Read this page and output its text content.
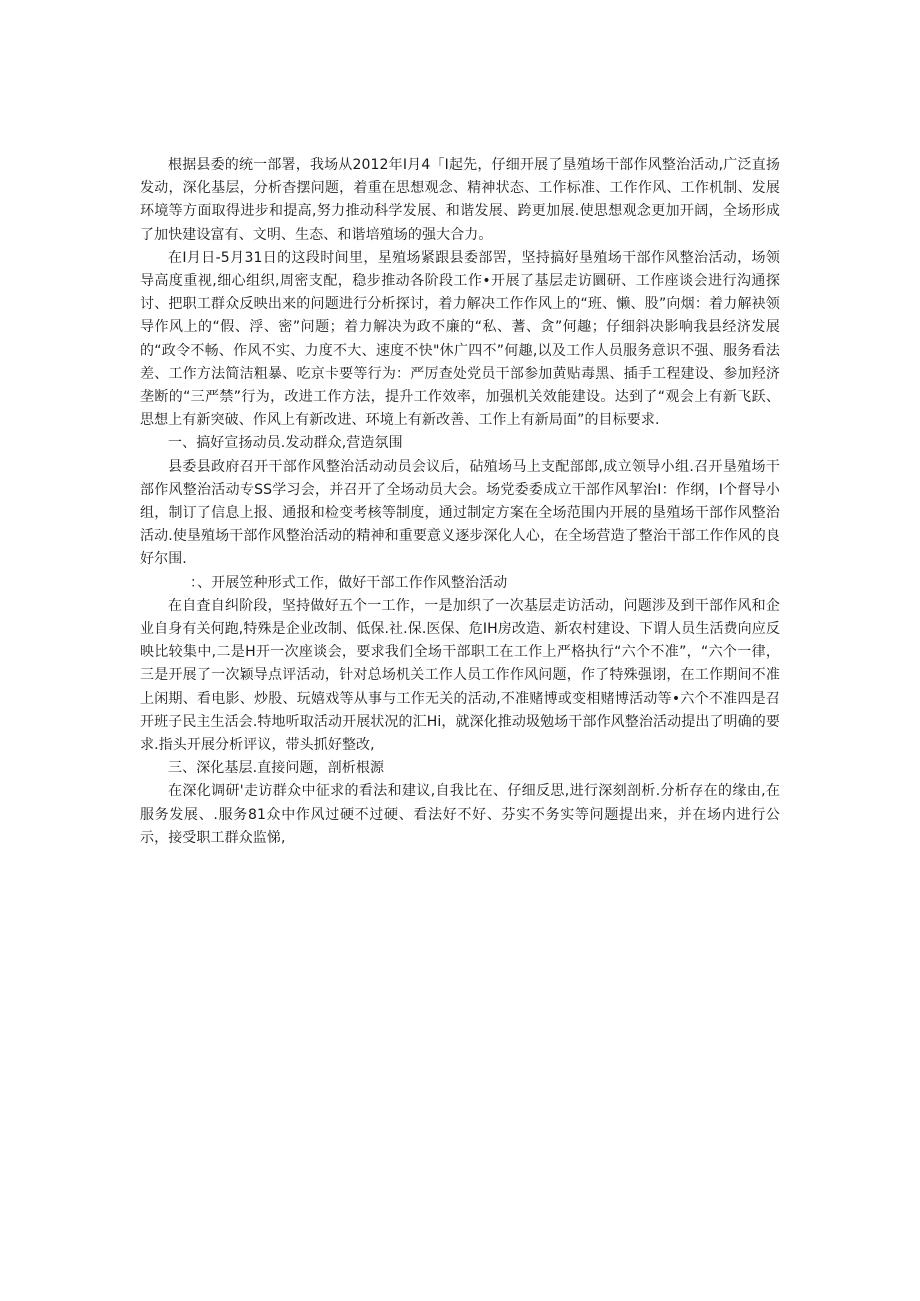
根据县委的统一部署，我场从2012年I月4「I起先，仔细开展了垦殖场干部作风整治活动,广泛直扬发动，深化基层，分析杳摆问题，着重在思想观念、精神状态、工作标准、工作作风、工作机制、发展环境等方面取得进步和提高,努力推动科学发展、和谐发展、跨更加展.使思想观念更加开阔，全场形成了加快建设富有、文明、生态、和谐培殖场的强大合力。

在I月日-5月31日的这段时间里，星殖场紧跟县委部罟，坚持搞好垦殖场干部作风整治活动，场领导高度重视,细心组织,周密支配，稳步推动各阶段工作•开展了基层走访圜研、工作座谈会进行沟通探讨、把职工群众反映出来的问题进行分析探讨，着力解决工作作风上的“班、懒、股”向烟：着力解袂领导作风上的“假、浮、密”问题；着力解决为政不廉的“私、蓍、贪”何趣；仔细斜决影响我县经济发展的“政令不畅、作风不实、力度不大、速度不快"休广四不”何趣,以及工作人员服务意识不强、服务看法差、工作方法简洁粗暴、吃京卡要等行为：严厉查处党员干部参加黄贴毒黑、插手工程建设、参加羟济垄断的“三严禁”行为，改进工作方法，提升工作效率，加强机关效能建设。达到了“观会上有新飞跃、思想上有新突破、作风上有新改进、环境上有新改善、工作上有新局面”的目标要求.

一、搞好宣扬动员.发动群众,营造氛围

县委县政府召开干部作风整治活动动员会议后，砧殖场马上支配部郎,成立领导小组.召开垦殖场干部作风整治活动专SS学习会，并召开了全场动员大会。场党委委成立干部作风挈治I：作纲，I个督导小组，制订了信息上报、通报和检变考核等制度，通过制定方案在全场范围内开展的垦殖场干部作风整治活动.使垦殖场干部作风整治活动的精神和重要意义逐步深化人心，在全场营造了整治干部工作作风的良好尔围.

：、开展笠种形式工作，做好干部工作作风整治活动

在自査自纠阶段，坚持做好五个一工作，一是加织了一次基层走访活动，问题涉及到干部作风和企业自身有关何跑,特殊是企业改制、低保.社.保.医保、危IH房改造、新农村建设、下谓人员生活费向应反映比较集中,二是H开一次座谈会，要求我们全场干部职工在工作上严格执行“六个不准”，“六个一律，三是开展了一次颖导点评活动，针对总场机关工作人员工作作风问题，作了特殊强诩，在工作期间不准上闲期、看电影、炒股、玩嬉戏等从事与工作无关的活动,不准赌博或变相赌博活动等•六个不准四是召开班子民主生活会.特地听取活动开展状况的汇Hi，就深化推动圾勉场干部作风整治活动提出了明确的要求.指头开展分析评议，带头抓好整改,

三、深化基层.直接问题，剖析根源

在深化调研'走访群众中征求的看法和建议,自我比在、仔细反思,进行深刻剖析.分析存在的缘由,在服务发展、.服务81众中作风过硬不过硬、看法好不好、芬实不务实等问题提出来，并在场内进行公示，接受职工群众监悌,
